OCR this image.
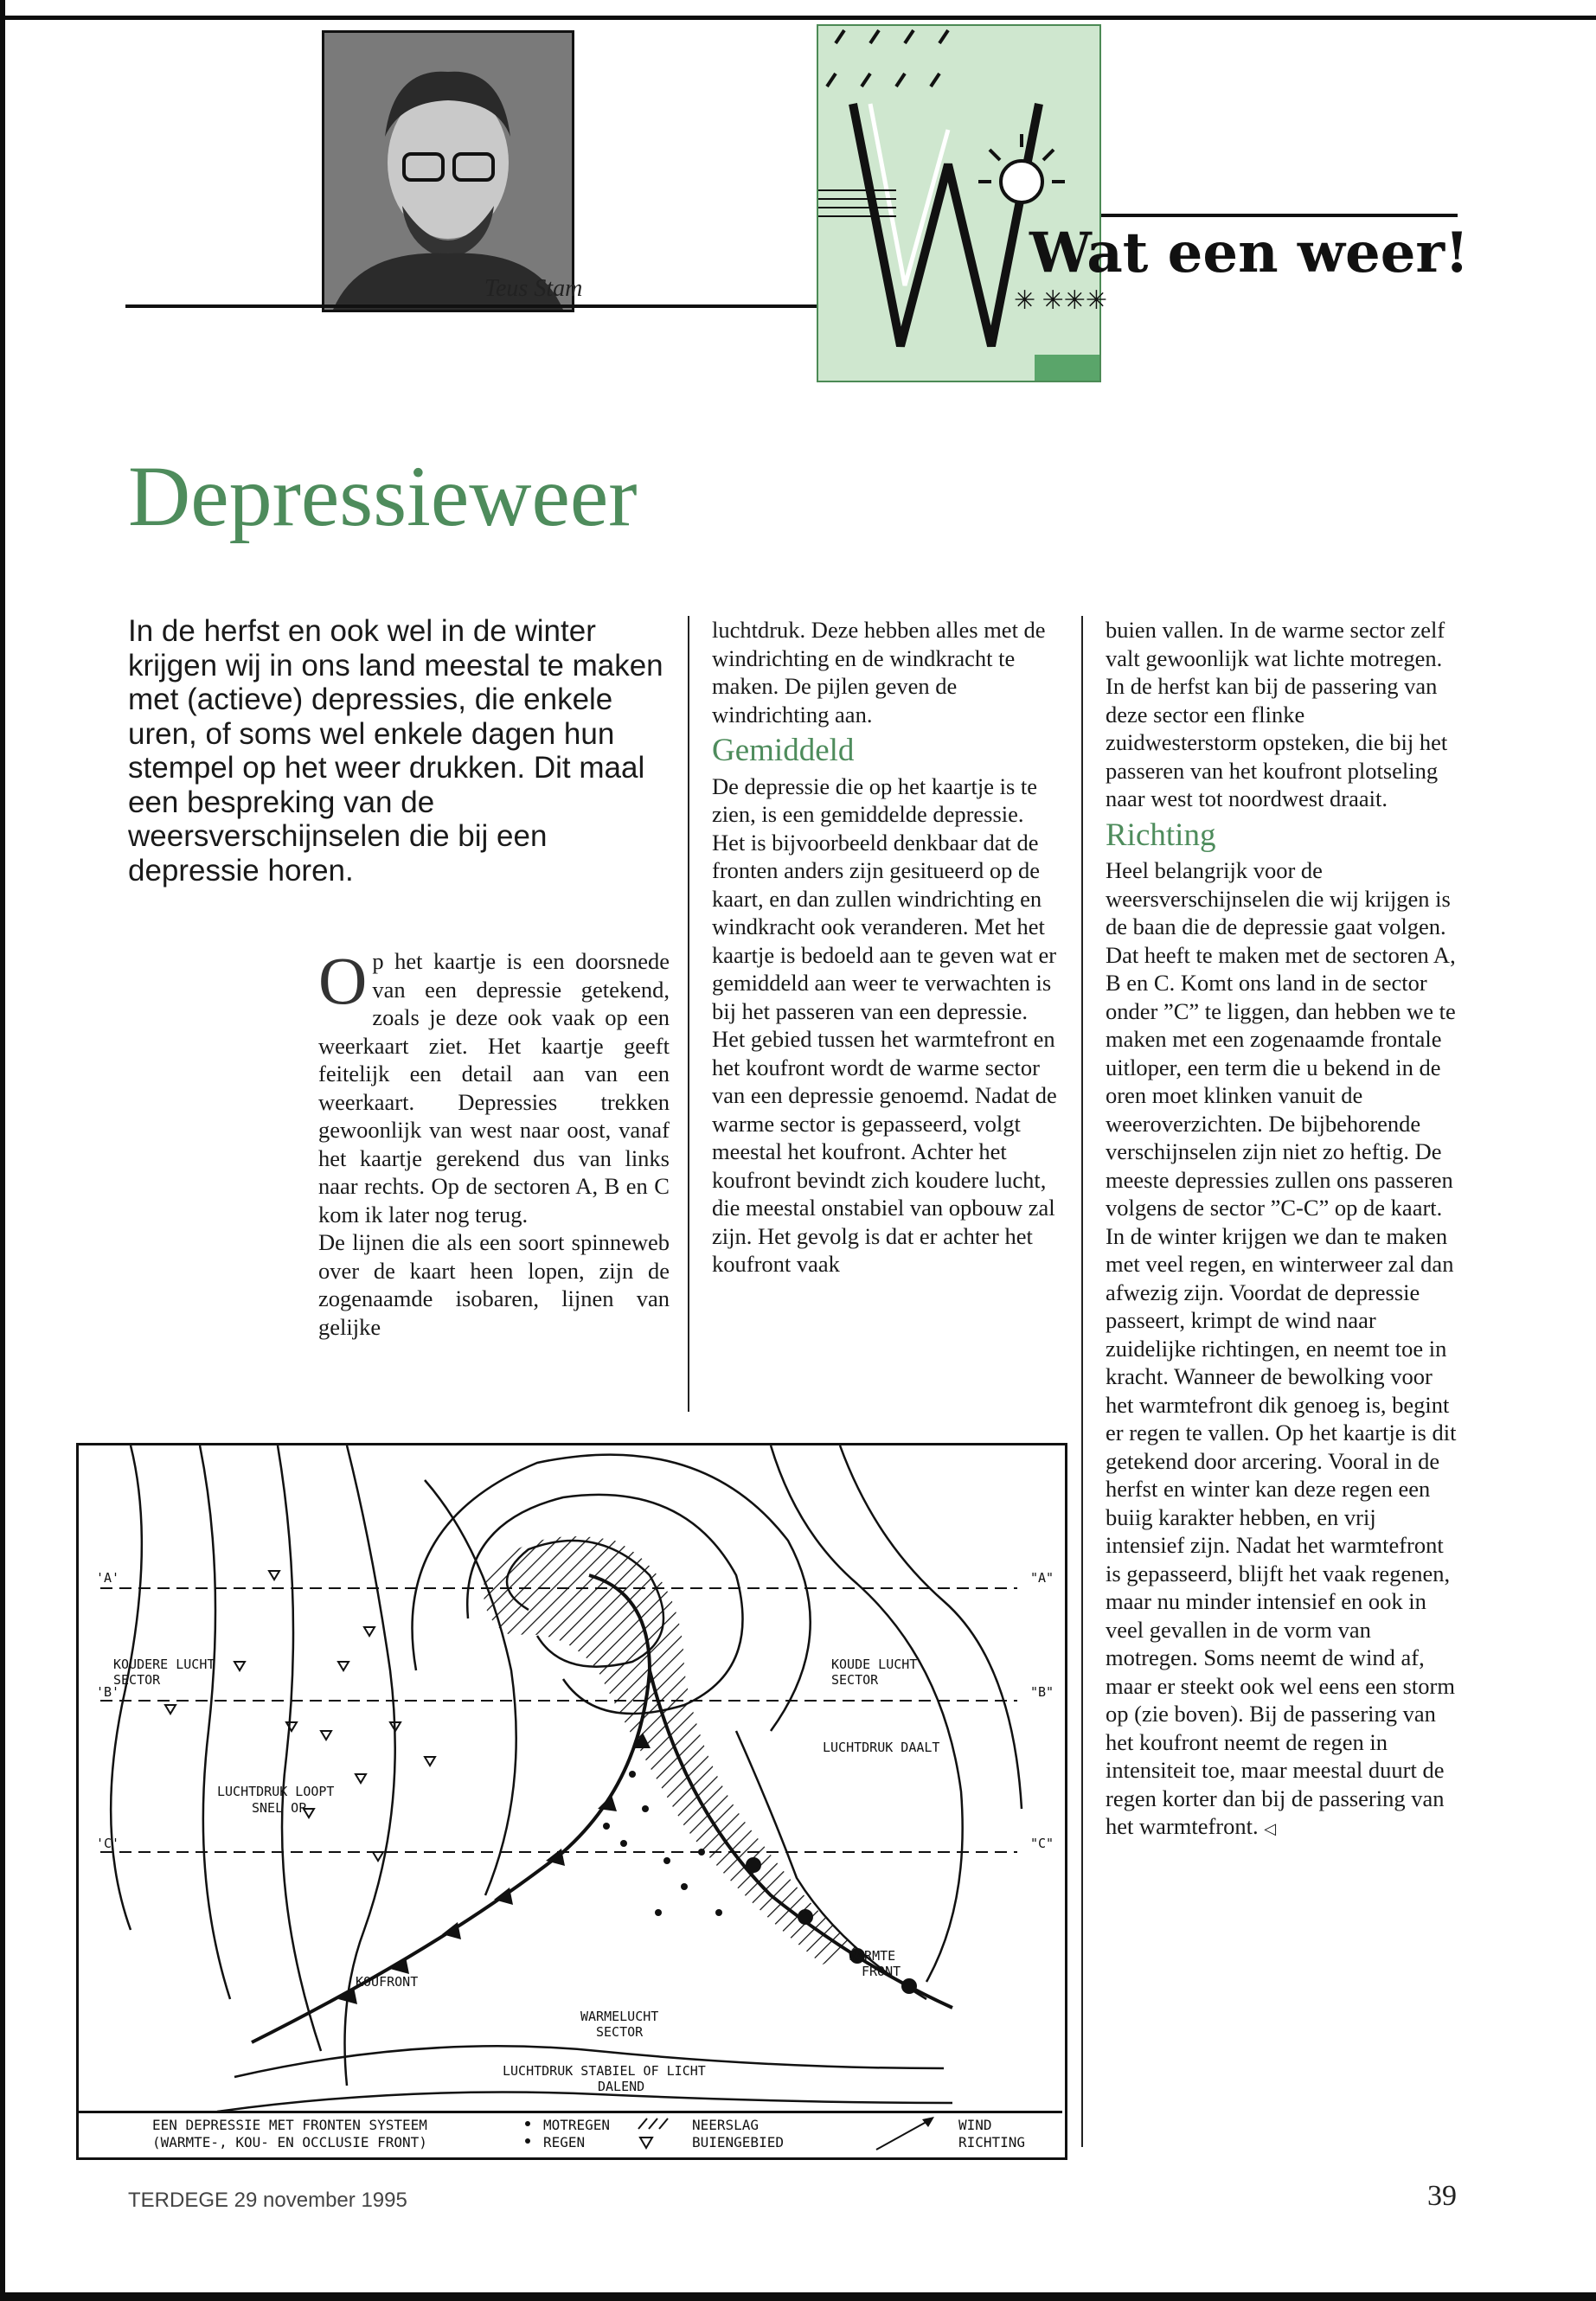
Teus Stam
Wat een weer!
✳ ✳✳✳
Depressieweer
In de herfst en ook wel in de winter krijgen wij in ons land meestal te maken met (actieve) depressies, die enkele uren, of soms wel enkele dagen hun stempel op het weer drukken. Dit maal een bespreking van de weersverschijnselen die bij een depressie horen.

Op het kaartje is een doorsnede van een depressie getekend, zoals je deze ook vaak op een weerkaart ziet. Het kaartje geeft feitelijk een detail aan van een weerkaart. Depressies trekken gewoonlijk van west naar oost, vanaf het kaartje gerekend dus van links naar rechts. Op de sectoren A, B en C kom ik later nog terug.

De lijnen die als een soort spinneweb over de kaart heen lopen, zijn de zogenaamde isobaren, lijnen van gelijke

luchtdruk. Deze hebben alles met de windrichting en de windkracht te maken. De pijlen geven de windrichting aan.

Gemiddeld

De depressie die op het kaartje is te zien, is een gemiddelde depressie. Het is bijvoorbeeld denkbaar dat de fronten anders zijn gesitueerd op de kaart, en dan zullen windrichting en windkracht ook veranderen. Met het kaartje is bedoeld aan te geven wat er gemiddeld aan weer te verwachten is bij het passeren van een depressie.

Het gebied tussen het warmtefront en het koufront wordt de warme sector van een depressie genoemd. Nadat de warme sector is gepasseerd, volgt meestal het koufront. Achter het koufront bevindt zich koudere lucht, die meestal onstabiel van opbouw zal zijn. Het gevolg is dat er achter het koufront vaak

buien vallen. In de warme sector zelf valt gewoonlijk wat lichte motregen. In de herfst kan bij de passering van deze sector een flinke zuidwesterstorm opsteken, die bij het passeren van het koufront plotseling naar west tot noordwest draait.

Richting

Heel belangrijk voor de weersverschijnselen die wij krijgen is de baan die de depressie gaat volgen. Dat heeft te maken met de sectoren A, B en C. Komt ons land in de sector onder ”C” te liggen, dan hebben we te maken met een zogenaamde frontale uitloper, een term die u bekend in de oren moet klinken vanuit de weeroverzichten. De bijbehorende verschijnselen zijn niet zo heftig. De meeste depressies zullen ons passeren volgens de sector ”C-C” op de kaart. In de winter krijgen we dan te maken met veel regen, en winterweer zal dan afwezig zijn. Voordat de depressie passeert, krimpt de wind naar zuidelijke richtingen, en neemt toe in kracht. Wanneer de bewolking voor het warmtefront dik genoeg is, begint er regen te vallen. Op het kaartje is dit getekend door arcering. Vooral in de herfst en winter kan deze regen een buiig karakter hebben, en vrij intensief zijn. Nadat het warmtefront is gepasseerd, blijft het vaak regenen, maar nu minder intensief en ook in veel gevallen in de vorm van motregen. Soms neemt de wind af, maar er steekt ook wel eens een storm op (zie boven). Bij de passering van het koufront neemt de regen in intensiteit toe, maar meestal duurt de regen korter dan bij de passering van het warmtefront. ◁

'A'	"A"
'B'	"B"
'C'	"C"
KOUDERE LUCHT
SECTOR
KOUDE LUCHT
SECTOR
LUCHTDRUK DAALT
LUCHTDRUK LOOPT
SNEL OP
WARMTE
FRONT
KOUFRONT
WARMELUCHT
SECTOR
LUCHTDRUK STABIEL OF LICHT
DALEND
EEN DEPRESSIE MET FRONTEN SYSTEEM
(WARMTE-, KOU- EN OCCLUSIE FRONT)
MOTREGEN
REGEN
NEERSLAG
BUIENGEBIED
WIND
RICHTING
TERDEGE 29 november 1995	39
